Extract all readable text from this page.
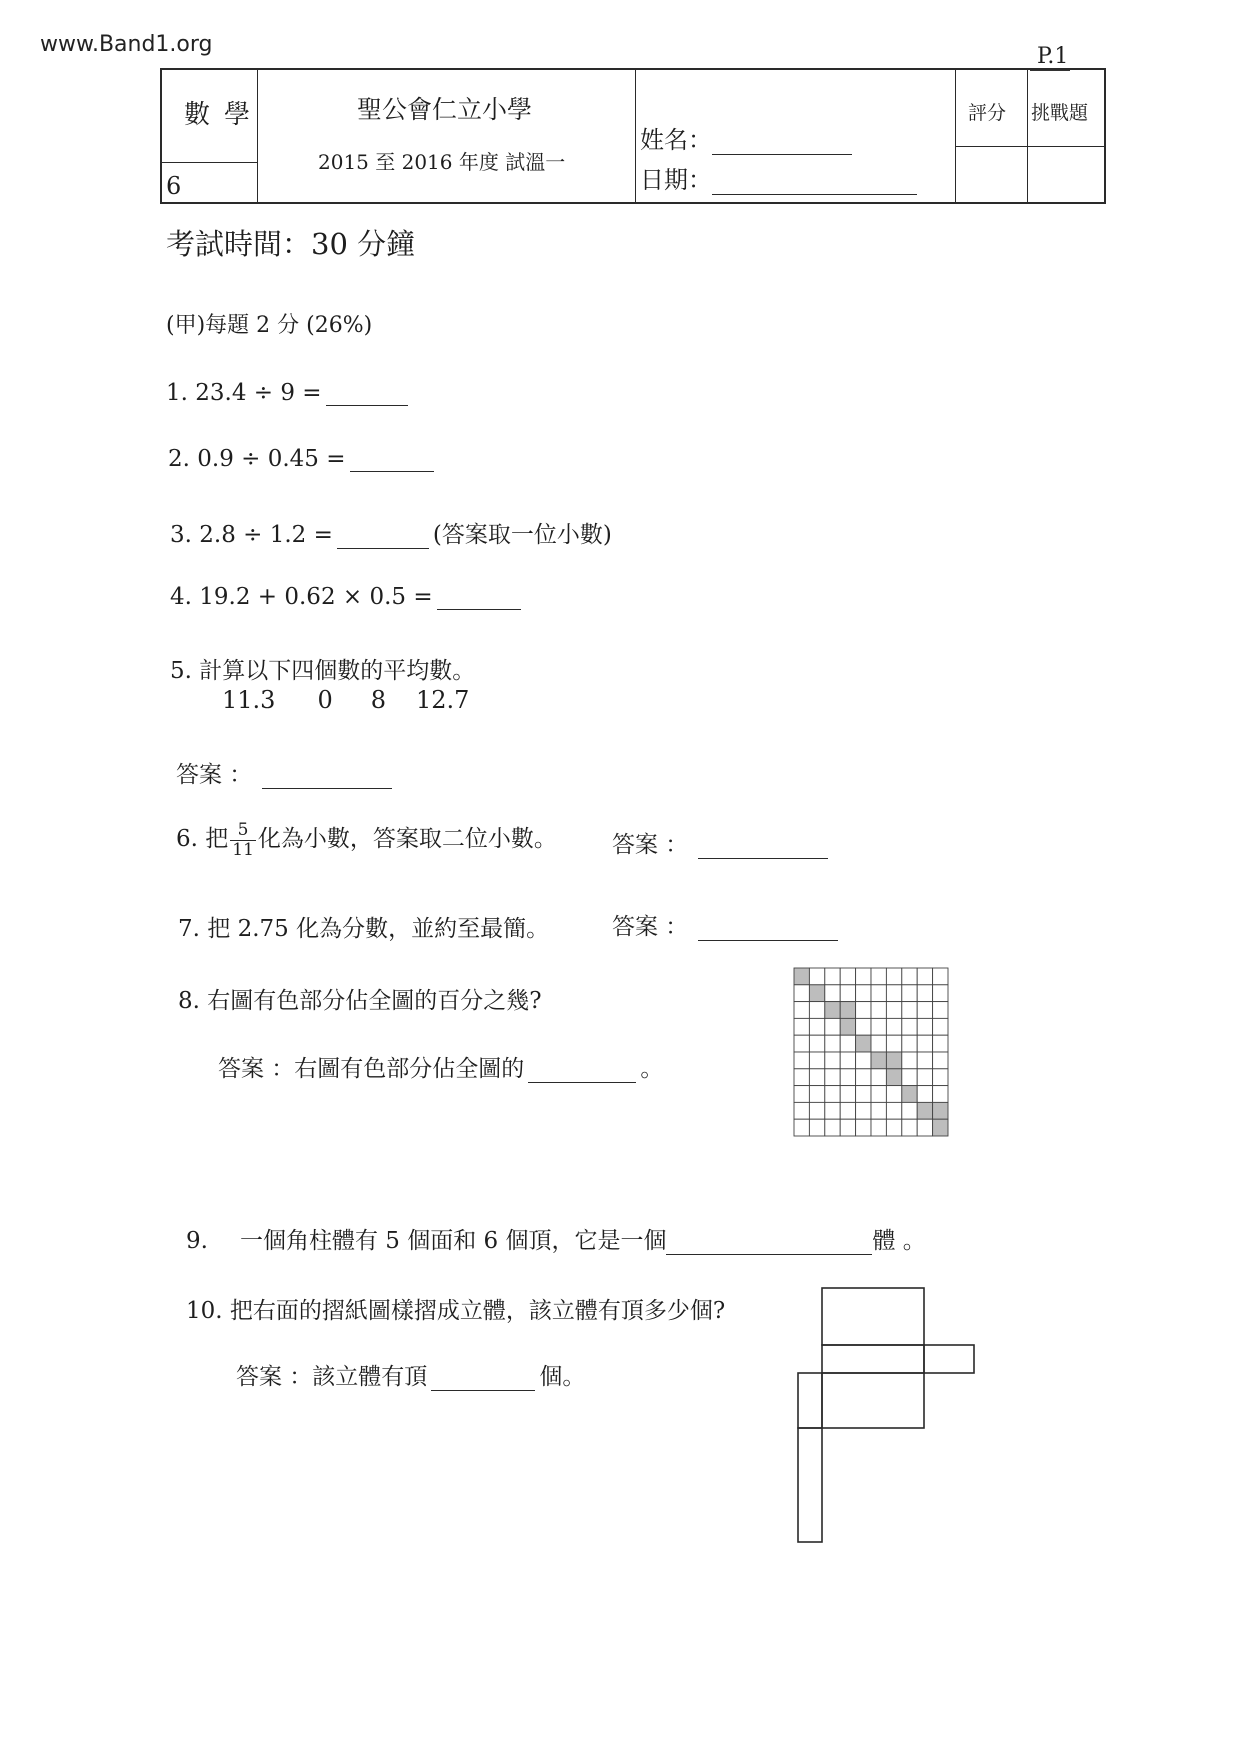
www.Band1.org	P.1
數學
6
聖公會仁立小學
2015 至 2016 年度 試溫一
姓名：
日期：
評分 挑戰題
考試時間：30 分鐘
(甲)每題 2 分 (26%)
1. 23.4 ÷ 9 =
2. 0.9 ÷ 0.45 =
3. 2.8 ÷ 1.2 =	(答案取一位小數)
4. 19.2 + 0.62 × 0.5 =
5. 計算以下四個數的平均數。
11.3 0 8 12.7
答案 ：
6. 把 $\frac{5}{11}$ 化為小數，答案取二位小數。 答案 ：
7. 把 2.75 化為分數，並約至最簡。	答案 ：
8. 右圖有色部分佔全圖的百分之幾?
答案 ：右圖有色部分佔全圖的	。
9. 一個角柱體有 5 個面和 6 個頂，它是一個	體 。
10. 把右面的摺紙圖樣摺成立體，該立體有頂多少個?
答案 ：該立體有頂	個。
